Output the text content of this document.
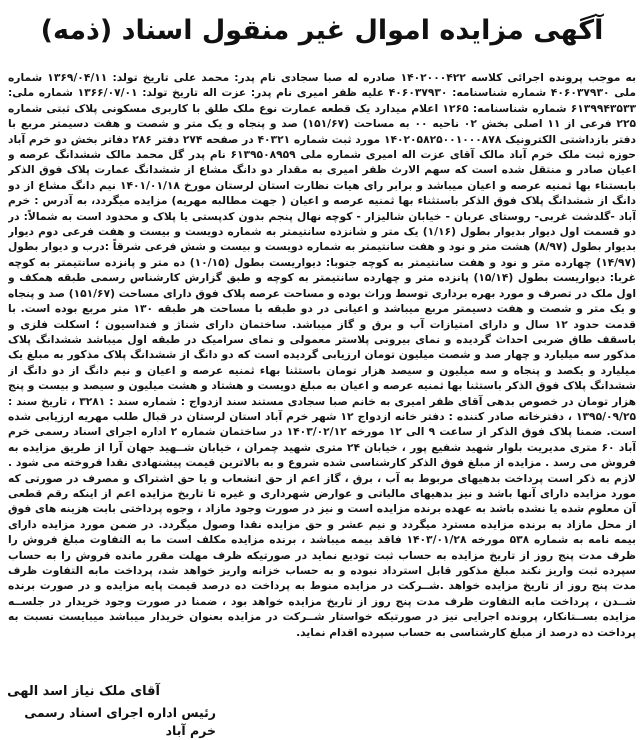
آگهی مزایده اموال غیر منقول اسناد (ذمه)
به موجب پرونده اجرائی کلاسه ۱۴۰۲۰۰۰۴۲۲ صادره له صبا سجادی نام پدر: محمد علی تاریخ تولد: ۱۳۶۹/۰۴/۱۱ شماره ملی ۴۰۶۰۳۷۹۳۰ شماره شناسنامه: ۴۰۶۰۳۷۹۳۰ علیه ظفر امیری نام پدر: عزت اله تاریخ تولد: ۱۳۶۶/۰۷/۰۱ شماره ملی: ۶۱۳۹۹۴۳۵۳۳ شماره شناسنامه: ۱۲۶۵ اعلام میدارد یک قطعه عمارت نوع ملک طلق با کاربری مسکونی پلاک ثبتی شماره ۲۲۵ فرعی از ۱۱ اصلی بخش ۰۲ ناحیه ۰۰ به مساحت (۱۵۱/۶۷) صد و پنجاه و یک متر و شصت و هفت دسیمتر مربع با دفتر بازداشتی الکترونیک ۱۴۰۲۰۵۸۲۵۰۰۱۰۰۰۸۷۸ مورد ثبت شماره ۴۰۳۲۱ در صفحه ۲۷۴ دفتر ۲۸۶ دفاتر بخش دو خرم آباد حوزه ثبت ملک خرم آباد مالک آقای عزت اله امیری شماره ملی ۶۱۳۹۵۰۸۹۵۹ نام پدر گل محمد مالک ششدانگ عرصه و اعیان صادر و منتقل شده است که سهم الارث ظفر امیری به مقدار دو دانگ مشاع از ششدانگ عمارت پلاک فوق الذکر بابستناء بها ثمنیه عرصه و اعیان میباشد و برابر رای هیات نظارت استان لرستان مورخ ۱۴۰۱/۰۱/۱۸ نیم دانگ مشاع از دو دانگ از ششدانگ پلاک فوق الذکر باستثناء بها ثمنیه عرصه و اعیان ( جهت مطالبه مهریه) مزایده میگردد، به آدرس : خرم آباد -گلدشت غربی- روستای عربان - خیابان شالیزار - کوچه نهال پنجم بدون کدپستی یا پلاک و محدود است به شمالاً: در دو قسمت اول دیوار بدیوار بطول (۱/۱۶) یک متر و شانزده سانتیمتر به شماره دویست و بیست و هفت فرعی دوم دیوار بدیوار بطول (۸/۹۷) هشت متر و نود و هفت سانتیمتر به شماره دویست و بیست و شش فرعی شرقاً :درب و دیوار بطول (۱۴/۹۷) چهارده متر و نود و هفت سانتیمتر به کوچه جنوبا: دیواریست بطول (۱۰/۱۵) ده متر و پانزده سانتیمتر به کوچه غربا: دیواریست بطول (۱۵/۱۴) پانزده متر و چهارده سانتیمتر به کوچه و طبق گزارش کارشناس رسمی طبقه همکف و اول ملک در تصرف و مورد بهره برداری توسط وراث بوده و مساحت عرصه پلاک فوق دارای مساحت (۱۵۱/۶۷) صد و پنجاه و یک متر و شصت و هفت دسیمتر مربع میباشد و اعیانی در دو طبقه با مساحت هر طبقه ۱۳۰ متر مربع بوده است. با قدمت حدود ۱۲ سال و دارای امتیازات آب و برق و گاز میباشد. ساختمان دارای شناژ و فنداسیون ؛ اسکلت فلزی و باسقف طاق ضربی احداث گردیده و نمای بیرونی پلاستر معمولی و نمای سرامیک در طبقه اول میباشد ششدانگ پلاک مذکور سه میلیارد و چهار صد و شصت میلیون تومان ارزیابی گردیده است که دو دانگ از ششدانگ پلاک مذکور به مبلغ یک میلیارد و یکصد و پنجاه و سه میلیون و سیصد هزار تومان باستثنا بهاء ثمنیه عرصه و اعیان و نیم دانگ از دو دانگ از ششدانگ پلاک فوق الذکر باستثنا بها ثمنیه عرصه و اعیان به مبلغ دویست و هشتاد و هشت میلیون و سیصد و بیست و پنج هزار تومان در خصوص بدهی آقای ظفر امیری به خانم صبا سجادی مستند سند ازدواج : شماره سند : ۳۲۸۱ ، تاریخ سند : ۱۳۹۵/۰۹/۲۵ ، دفترخانه صادر کننده : دفتر خانه ازدواج ۱۲ شهر خرم آباد استان لرستان در قبال طلب مهریه ارزیابی شده است. ضمنا پلاک فوق الذکر از ساعت ۹ الی ۱۲ مورخه ۱۴۰۳/۰۲/۱۲ در ساختمان شماره ۲ اداره اجرای اسناد رسمی خرم آباد ۶۰ متری مدیریت بلوار شهید شفیع پور ، خیابان ۲۴ متری شهید چمران ، خیابان شــهید جهان آرا از طریق مزایده به فروش می رسد . مزایده از مبلغ فوق الذکر کارشناسی شده شروع و به بالاترین قیمت پیشنهادی نقدا فروخته می شود . لازم به ذکر است پرداخت بدهیهای مربوط به آب ، برق ، گاز اعم از حق انشعاب و یا حق اشتراک و مصرف در صورتی که مورد مزایده دارای آنها باشد و نیز بدهیهای مالیاتی و عوارض شهرداری و غیره تا تاریخ مزایده اعم از اینکه رقم قطعی آن معلوم شده یا نشده باشد به عهده برنده مزایده است و نیز در صورت وجود مازاد ، وجوه پرداختی بابت هزینه های فوق از محل مازاد به برنده مزایده مسترد میگردد و نیم عشر و حق مزایده نقدا وصول میگردد. در ضمن مورد مزایده دارای بیمه نامه به شماره ۵۳۸ مورخه ۱۴۰۳/۰۱/۲۸ فاقد بیمه میباشد ، برنده مزایده مکلف است ما به التفاوت مبلغ فروش را ظرف مدت پنج روز از تاریخ مزایده به حساب ثبت تودیع نماید در صورتیکه ظرف مهلت مقرر مانده فروش را به حساب سپرده ثبت واریز نکند مبلغ مذکور قابل استرداد نبوده و به حساب خزانه واریز خواهد شد، پرداخت مابه التفاوت ظرف مدت پنج روز از تاریخ مزایده خواهد .شــرکت در مزایده منوط به پرداخت ده درصد قیمت پایه مزایده و در صورت برنده شــدن ، پرداخت مابه التفاوت ظرف مدت پنج روز از تاریخ مزایده خواهد بود ، ضمنا در صورت وجود خریدار در جلســه مزایده بســتانکار، پرونده اجرایی نیز در صورتیکه خواستار شــرکت در مزایده بعنوان خریدار میباشد میبایست نسبت به پرداخت ده درصد از مبلغ کارشناسی به حساب سپرده اقدام نماید.
آقای ملک نیاز اسد الهی
رئیس اداره اجرای اسناد رسمی خرم آباد
